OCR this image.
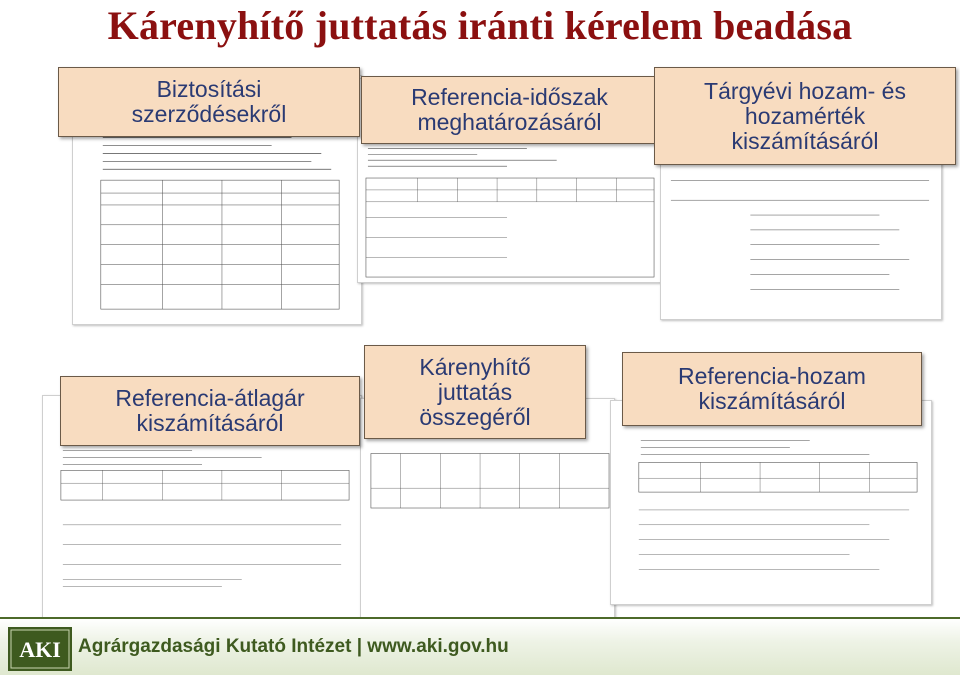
Kárenyhítő juttatás iránti kérelem beadása
Biztosítási
szerződésekről
Referencia-időszak
meghatározásáról
Tárgyévi hozam- és
hozamérték
kiszámításáról
Referencia-átlagár
kiszámításáról
Kárenyhítő
juttatás
összegéről
Referencia-hozam
kiszámításáról
AKI Agrárgazdasági Kutató Intézet | www.aki.gov.hu
